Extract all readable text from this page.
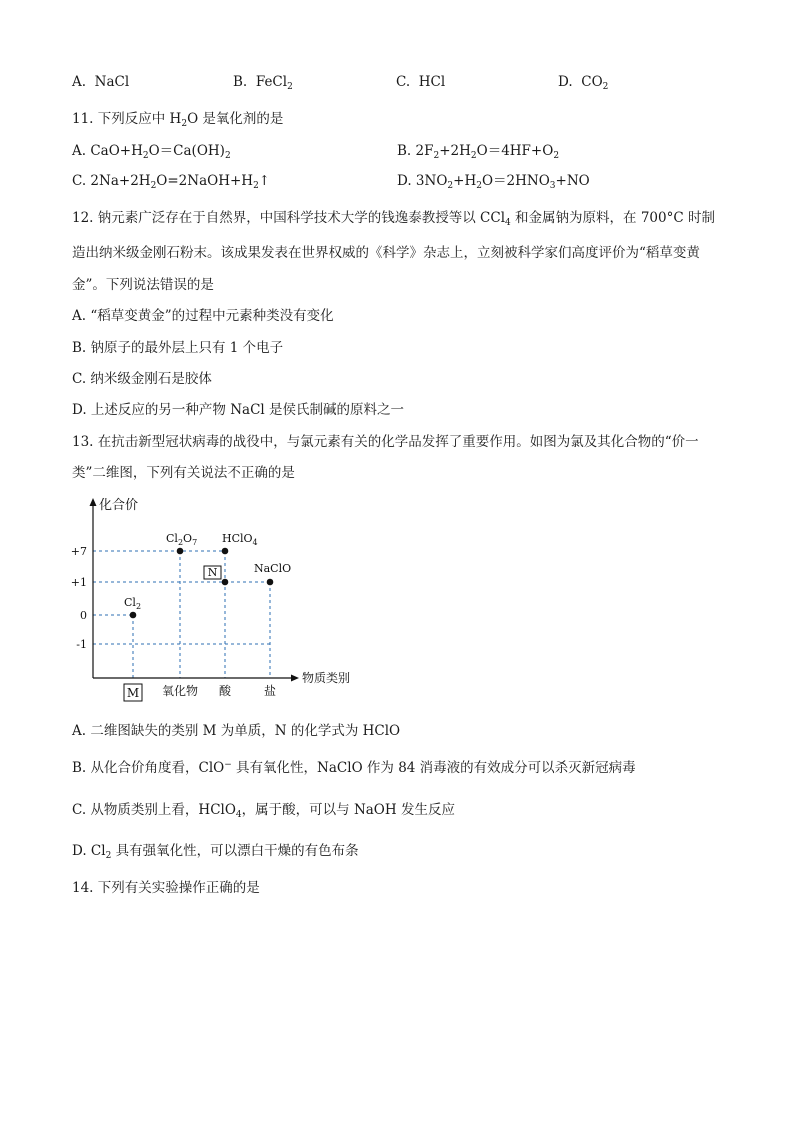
A. NaCl	B. FeCl$_2$	C. HCl	D. $CO_2$
11. 下列反应中 $H_2O$ 是氧化剂的是
A. $CaO+H_2O=Ca(OH)_2$	B. $2F_2+2H_2O=4HF+O_2$
C. $2Na+2H_2O=2NaOH+H_2↑$	D. $3NO_2+H_2O=2HNO_3+NO$
12. 钠元素广泛存在于自然界，中国科学技术大学的钱逸泰教授等以 CCl$_4$ 和金属钠为原料，在 700°C 时制
造出纳米级金刚石粉末。该成果发表在世界权威的《科学》杂志上，立刻被科学家们高度评价为“稻草变黄
金”。下列说法错误的是
A. “稻草变黄金”的过程中元素种类没有变化
B. 钠原子的最外层上只有 1 个电子
C. 纳米级金刚石是胶体
D. 上述反应的另一种产物 NaCl 是侯氏制碱的原料之一
13. 在抗击新型冠状病毒的战役中，与氯元素有关的化学品发挥了重要作用。如图为氯及其化合物的“价一
类”二维图，下列有关说法不正确的是
化合价
物质类别
+7
+1
0
-1
M 氧化物 酸	盐
$Cl_2$
$Cl_2O_7$ HClO$_4$
N	NaClO
A. 二维图缺失的类别 M 为单质，N 的化学式为 HClO
B. 从化合价角度看，ClO− 具有氧化性，NaClO 作为 84 消毒液的有效成分可以杀灭新冠病毒
C. 从物质类别上看，HClO$_4$，属于酸，可以与 NaOH 发生反应
D. $Cl_2$ 具有强氧化性，可以漂白干燥的有色布条
14. 下列有关实验操作正确的是
